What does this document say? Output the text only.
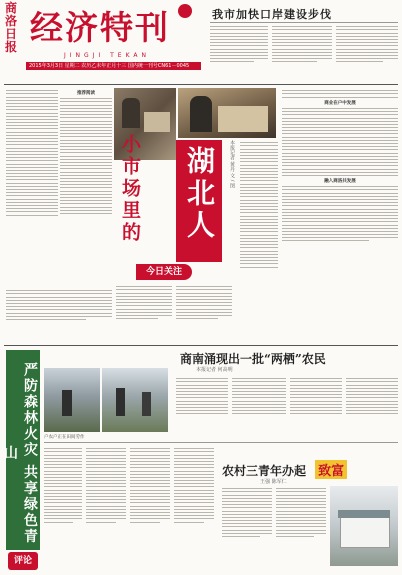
商洛日报 经济特刊
JINGJI TEKAN
2015年3月3日 星期二 农历乙未年正月十三 国内统一刊号CN61－0045
我市加快口岸建设步伐
推荐阅读
小市场里的 湖北人	本报记者 黄丹 文 / 图
今日关注
商业在户中发展
融入商洛共发展
严防森林火灾 共享绿色青山
评论
商南涌现出一批“两栖”农民
本报记者 何高明
户农户正在田间劳作
农村三青年办起 致富
王强 陈军仁
